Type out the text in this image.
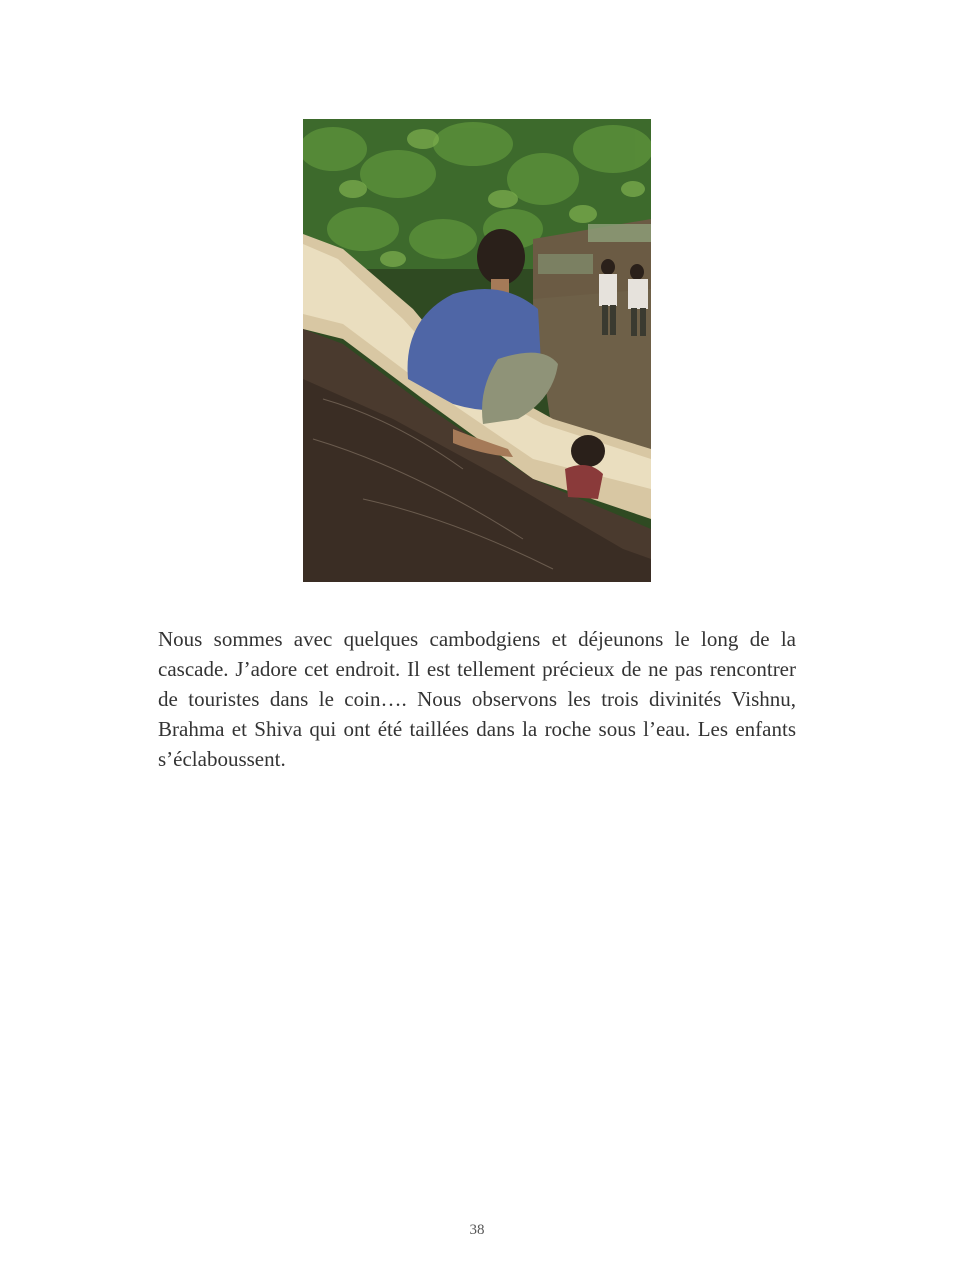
Nous sommes avec quelques cambodgiens et déjeunons le long de la cascade. J’adore cet endroit. Il est tellement précieux de ne pas rencontrer de touristes dans le coin…. Nous observons les trois divinités Vishnu, Brahma et Shiva qui ont été taillées dans la roche sous l’eau. Les enfants s’éclaboussent.

38
